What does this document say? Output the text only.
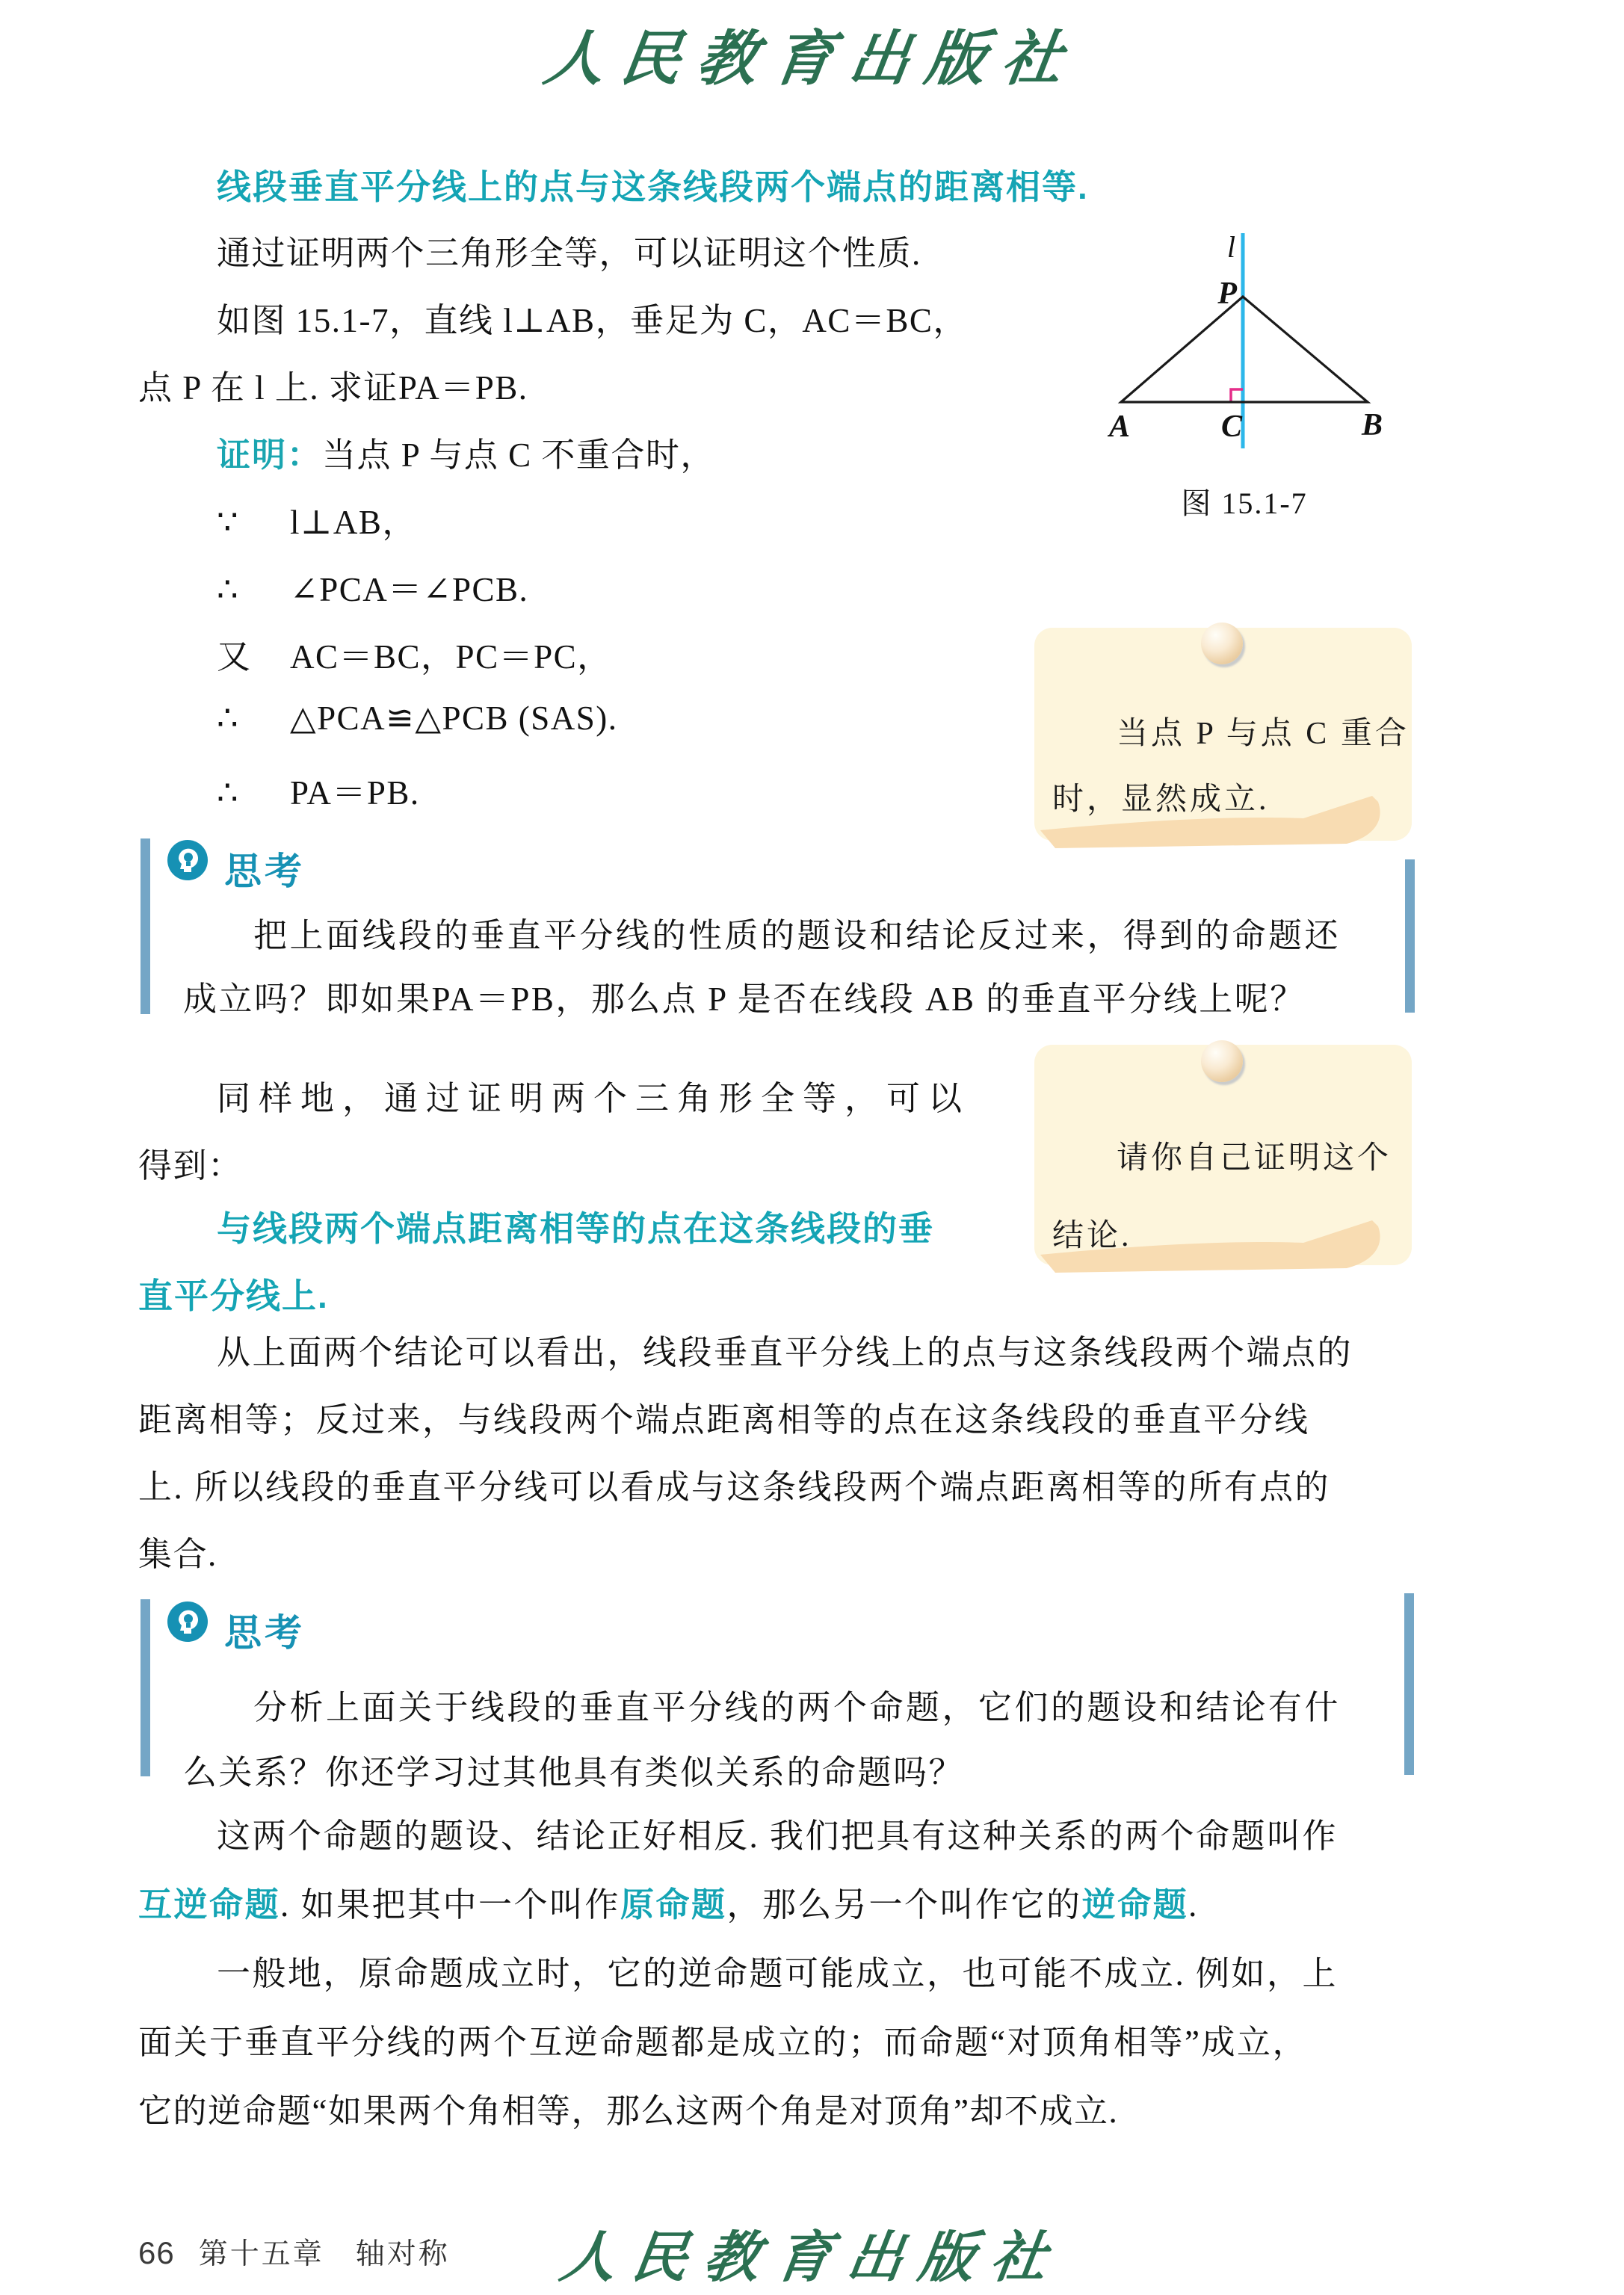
人民教育出版社
线段垂直平分线上的点与这条线段两个端点的距离相等.
通过证明两个三角形全等，可以证明这个性质.
如图 15.1-7，直线 l⊥AB，垂足为 C，AC＝BC，
点 P 在 l 上. 求证PA＝PB.
证明：当点 P 与点 C 不重合时，
∵ l⊥AB，
∴ ∠PCA＝∠PCB.
又 AC＝BC，PC＝PC，
∴ △PCA≌△PCB (SAS).
∴ PA＝PB.
l
P
A	C	B
图 15.1-7
当点 P 与点 C 重合
时，显然成立.
思考
把上面线段的垂直平分线的性质的题设和结论反过来，得到的命题还
成立吗？即如果PA＝PB，那么点 P 是否在线段 AB 的垂直平分线上呢？
同样地，通过证明两个三角形全等，可以
得到：
与线段两个端点距离相等的点在这条线段的垂
直平分线上.
请你自己证明这个
结论.
从上面两个结论可以看出，线段垂直平分线上的点与这条线段两个端点的
距离相等；反过来，与线段两个端点距离相等的点在这条线段的垂直平分线
上. 所以线段的垂直平分线可以看成与这条线段两个端点距离相等的所有点的
集合.
思考
分析上面关于线段的垂直平分线的两个命题，它们的题设和结论有什
么关系？你还学习过其他具有类似关系的命题吗？
这两个命题的题设、结论正好相反. 我们把具有这种关系的两个命题叫作
互逆命题. 如果把其中一个叫作原命题，那么另一个叫作它的逆命题.
一般地，原命题成立时，它的逆命题可能成立，也可能不成立. 例如，上
面关于垂直平分线的两个互逆命题都是成立的；而命题“对顶角相等”成立，
它的逆命题“如果两个角相等，那么这两个角是对顶角”却不成立.
66 第十五章　轴对称 人民教育出版社
